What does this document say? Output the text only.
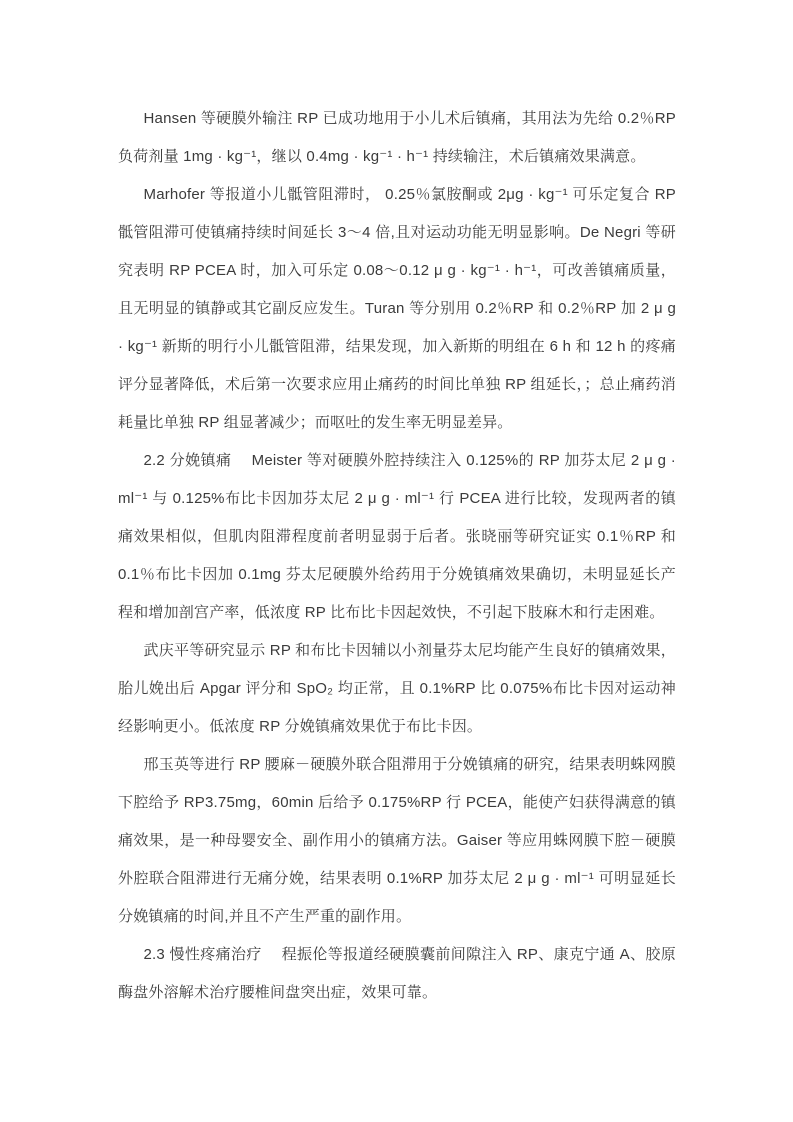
Hansen 等硬膜外输注 RP 已成功地用于小儿术后镇痛，其用法为先给 0.2％RP 负荷剂量 1mg · kg⁻¹，继以 0.4mg · kg⁻¹ · h⁻¹ 持续输注，术后镇痛效果满意。

Marhofer 等报道小儿骶管阻滞时， 0.25％氯胺酮或 2μg · kg⁻¹ 可乐定复合 RP 骶管阻滞可使镇痛持续时间延长 3～4 倍,且对运动功能无明显影响。De Negri 等研究表明 RP PCEA 时，加入可乐定 0.08～0.12 μ g · kg⁻¹ · h⁻¹，可改善镇痛质量，且无明显的镇静或其它副反应发生。Turan 等分别用 0.2％RP 和 0.2％RP 加 2 μ g · kg⁻¹ 新斯的明行小儿骶管阻滞，结果发现，加入新斯的明组在 6 h 和 12 h 的疼痛评分显著降低，术后第一次要求应用止痛药的时间比单独 RP 组延长，；总止痛药消耗量比单独 RP 组显著减少；而呕吐的发生率无明显差异。

2.2 分娩镇痛　 Meister 等对硬膜外腔持续注入 0.125%的 RP 加芬太尼 2 μ g · ml⁻¹ 与 0.125%布比卡因加芬太尼 2 μ g · ml⁻¹ 行 PCEA 进行比较，发现两者的镇痛效果相似，但肌肉阻滞程度前者明显弱于后者。张晓丽等研究证实 0.1％RP 和 0.1％布比卡因加 0.1mg 芬太尼硬膜外给药用于分娩镇痛效果确切，未明显延长产程和增加剖宫产率，低浓度 RP 比布比卡因起效快，不引起下肢麻木和行走困难。

武庆平等研究显示 RP 和布比卡因辅以小剂量芬太尼均能产生良好的镇痛效果，胎儿娩出后 Apgar 评分和 SpO₂ 均正常，且 0.1%RP 比 0.075%布比卡因对运动神经影响更小。低浓度 RP 分娩镇痛效果优于布比卡因。

邢玉英等进行 RP 腰麻－硬膜外联合阻滞用于分娩镇痛的研究，结果表明蛛网膜下腔给予 RP3.75mg，60min 后给予 0.175%RP 行 PCEA，能使产妇获得满意的镇痛效果，是一种母婴安全、副作用小的镇痛方法。Gaiser 等应用蛛网膜下腔－硬膜外腔联合阻滞进行无痛分娩，结果表明 0.1%RP 加芬太尼 2 μ g · ml⁻¹ 可明显延长分娩镇痛的时间,并且不产生严重的副作用。

2.3 慢性疼痛治疗　 程振伦等报道经硬膜囊前间隙注入 RP、康克宁通 A、胶原酶盘外溶解术治疗腰椎间盘突出症，效果可靠。
